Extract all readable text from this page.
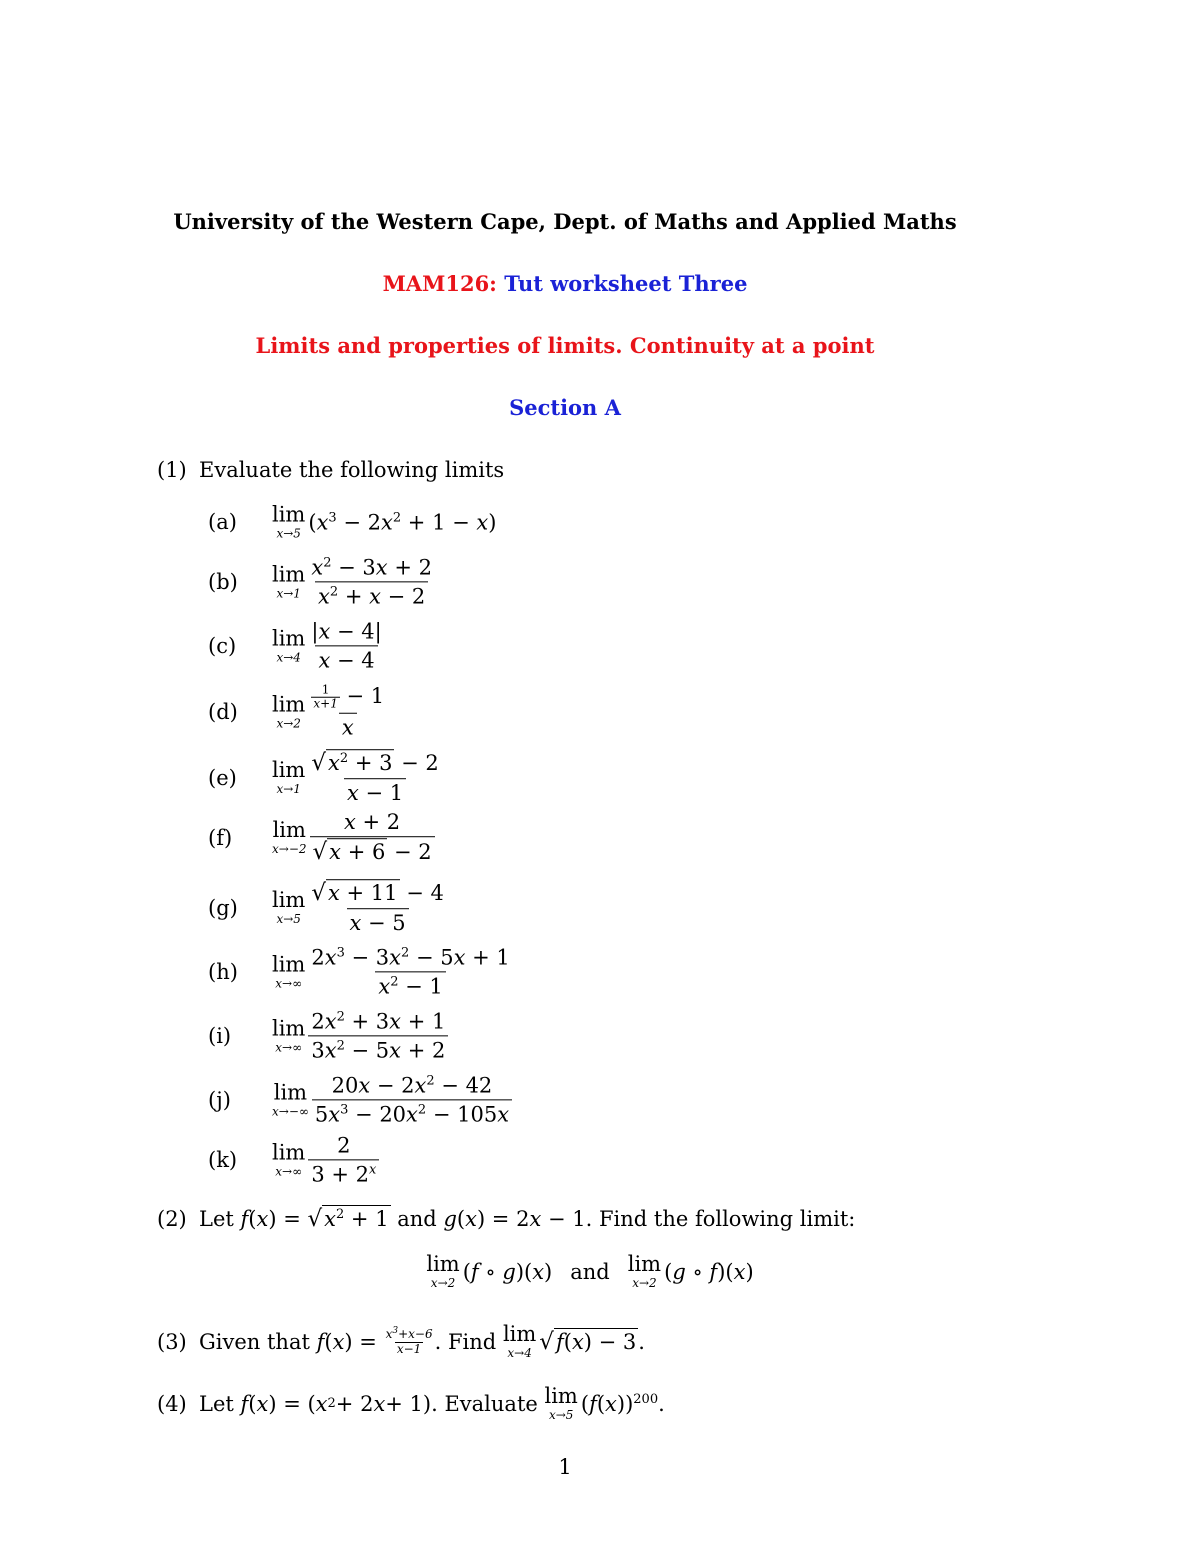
University of the Western Cape, Dept. of Maths and Applied Maths
MAM126: Tut worksheet Three
Limits and properties of limits. Continuity at a point
Section A
(1) Evaluate the following limits
(a) lim
x→5 $(x^3 - 2x^2 + 1 - x)$
(b) lim
$x\to 1 \frac{x^2 - 3x + 2}{x^2 + x - 2}$
(c) lim
$x\to 4 \frac{|x - 4|}{x - 4}$
(d) lim
$x\to 2 \frac{\frac{1}{x+1} - 1}{x}$
(e) lim
$x\to 1 \frac{√x^2 + 3 - 2}{x - 1}$
(f) lim
$x\to-2 \frac{x + 2}{√x + 6 - 2}$
(g) lim
$x\to 5 \frac{√x + 11 - 4}{x - 5}$
(h) lim
$x\to\infty \frac{2x^3 - 3x^2 - 5x + 1}{x^2 - 1}$
(i) lim
$x\to\infty \frac{2x^2 + 3x + 1}{3x^2 - 5x + 2}$
(j) lim
$x\to-\infty \frac{20x - 2x^2 - 42}{5x^3 - 20x^2 - 105x}$
(k) lim
$x\to\infty \frac{2}{3 + 2^x}$
(2) Let $f(x) = √x^2 + 1$ and g(x) = 2x − 1. Find the following limit:
lim
x→2 (f ∘ g)(x) and lim
x→2 (g ∘ f)(x)
(3) Given that
f ( x ) = $x^3+x-6$
x−1 . Find
lim
x→4 √f(x) − 3 .
(4) Let
f ( x ) = ( x 2 + 2 x + 1). Evaluate
lim
x→5 $(f(x))^{200}$.
1
